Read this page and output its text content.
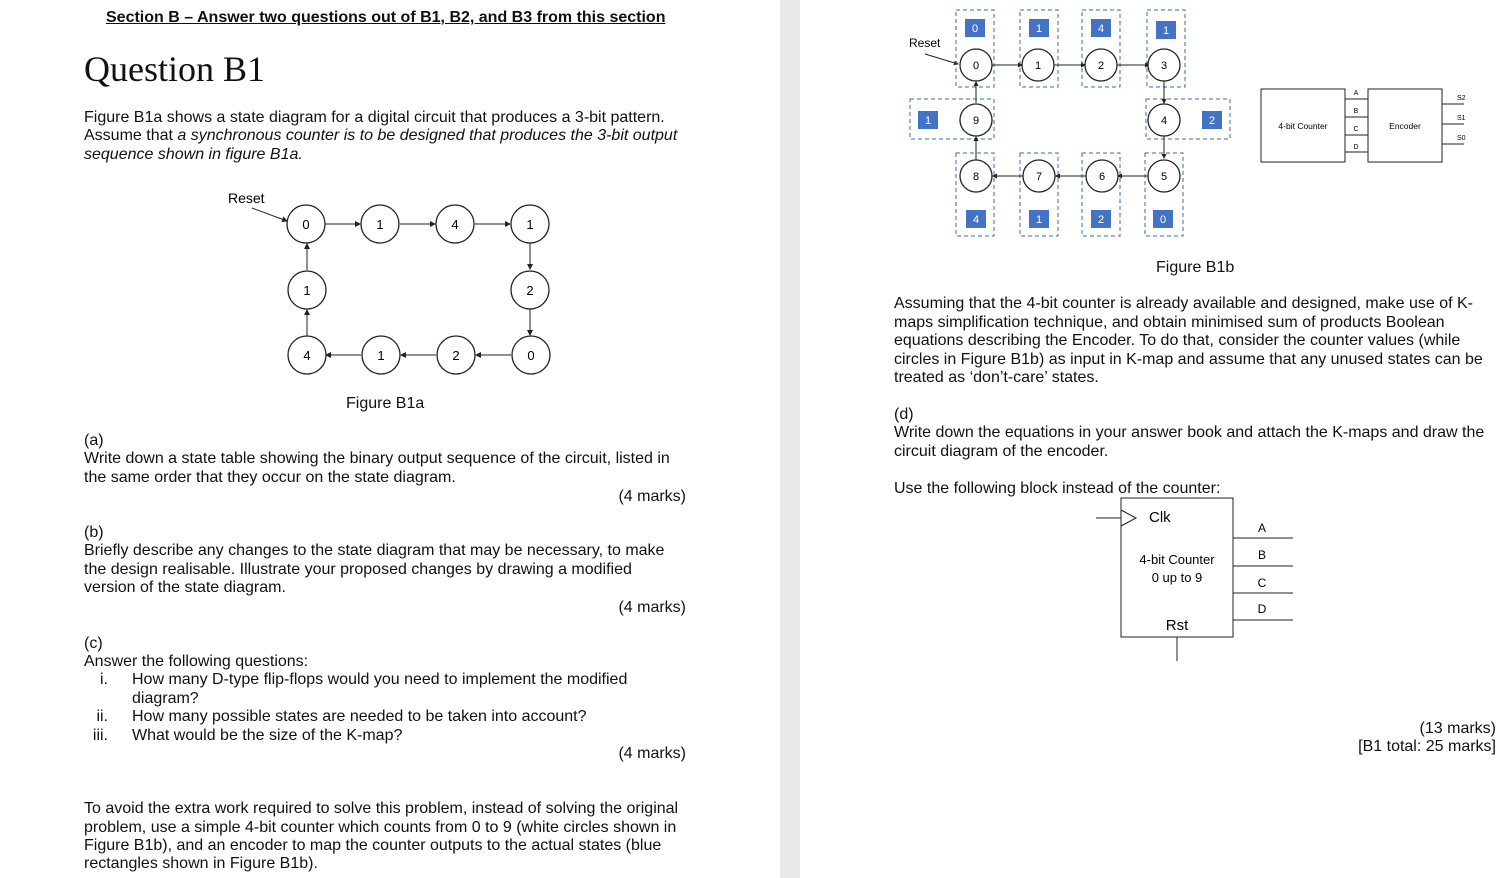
Section B – Answer two questions out of B1, B2, and B3 from this section

Question B1

Figure B1a shows a state diagram for a digital circuit that produces a 3-bit pattern.

Assume that a synchronous counter is to be designed that produces the 3-bit output

sequence shown in figure B1a.

Reset
0	1	4	1
1	2
4	1	2	0

Figure B1a

(a)

Write down a state table showing the binary output sequence of the circuit, listed in

the same order that they occur on the state diagram.

(4 marks)

(b)

Briefly describe any changes to the state diagram that may be necessary, to make

the design realisable. Illustrate your proposed changes by drawing a modified

version of the state diagram.

(4 marks)

(c)

Answer the following questions:

i. How many D-type flip-flops would you need to implement the modified

diagram?

ii. How many possible states are needed to be taken into account?

iii. What would be the size of the K-map?

(4 marks)

To avoid the extra work required to solve this problem, instead of solving the original

problem, use a simple 4-bit counter which counts from 0 to 9 (white circles shown in

Figure B1b), and an encoder to map the counter outputs to the actual states (blue

rectangles shown in Figure B1b).

Reset
0	1	4	1
0	1	2	3
1	9	4	2
8	7	6	5
4	1	2	0
4-bit Counter	Encoder
A
B
C
D
S2
S1
S0

Figure B1b

Assuming that the 4-bit counter is already available and designed, make use of K-

maps simplification technique, and obtain minimised sum of products Boolean

equations describing the Encoder. To do that, consider the counter values (while

circles in Figure B1b) as input in K-map and assume that any unused states can be

treated as ‘don’t-care’ states.

(d)

Write down the equations in your answer book and attach the K-maps and draw the

circuit diagram of the encoder.

Use the following block instead of the counter:

Clk
4-bit Counter
0 up to 9
Rst
A
B
C
D

(13 marks)

[B1 total: 25 marks]
